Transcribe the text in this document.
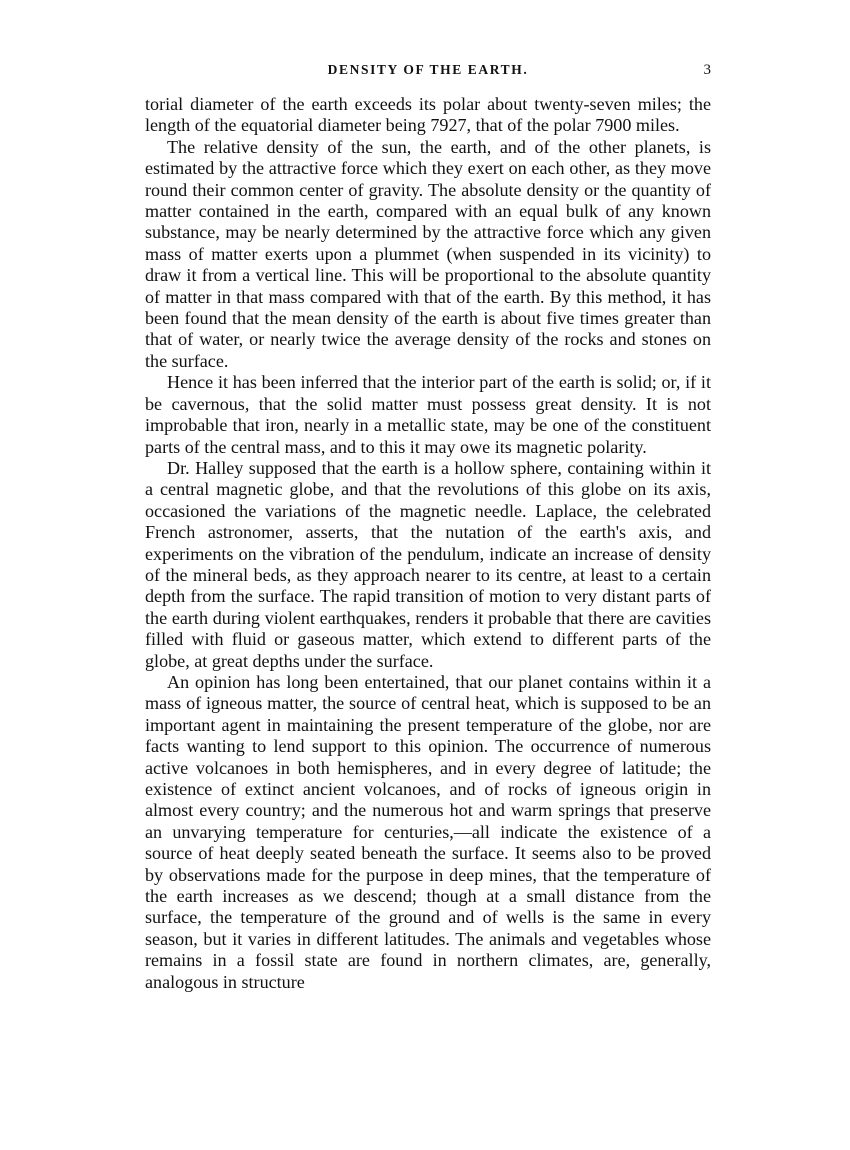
DENSITY OF THE EARTH.	3

torial diameter of the earth exceeds its polar about twenty-seven miles; the length of the equatorial diameter being 7927, that of the polar 7900 miles.

The relative density of the sun, the earth, and of the other planets, is estimated by the attractive force which they exert on each other, as they move round their common center of gravity. The absolute density or the quantity of matter contained in the earth, compared with an equal bulk of any known substance, may be nearly determined by the attractive force which any given mass of matter exerts upon a plummet (when suspended in its vicinity) to draw it from a vertical line. This will be proportional to the absolute quantity of matter in that mass compared with that of the earth. By this method, it has been found that the mean density of the earth is about five times greater than that of water, or nearly twice the average density of the rocks and stones on the surface.

Hence it has been inferred that the interior part of the earth is solid; or, if it be cavernous, that the solid matter must possess great density. It is not improbable that iron, nearly in a metallic state, may be one of the constituent parts of the central mass, and to this it may owe its magnetic polarity.

Dr. Halley supposed that the earth is a hollow sphere, containing within it a central magnetic globe, and that the revolutions of this globe on its axis, occasioned the variations of the magnetic needle. Laplace, the celebrated French astronomer, asserts, that the nutation of the earth's axis, and experiments on the vibration of the pendulum, indicate an increase of density of the mineral beds, as they approach nearer to its centre, at least to a certain depth from the surface. The rapid transition of motion to very distant parts of the earth during violent earthquakes, renders it probable that there are cavities filled with fluid or gaseous matter, which extend to different parts of the globe, at great depths under the surface.

An opinion has long been entertained, that our planet contains within it a mass of igneous matter, the source of central heat, which is supposed to be an important agent in maintaining the present temperature of the globe, nor are facts wanting to lend support to this opinion. The occurrence of numerous active volcanoes in both hemispheres, and in every degree of latitude; the existence of extinct ancient volcanoes, and of rocks of igneous origin in almost every country; and the numerous hot and warm springs that preserve an unvarying temperature for centuries,—all indicate the existence of a source of heat deeply seated beneath the surface. It seems also to be proved by observations made for the purpose in deep mines, that the temperature of the earth increases as we descend; though at a small distance from the surface, the temperature of the ground and of wells is the same in every season, but it varies in different latitudes. The animals and vegetables whose remains in a fossil state are found in northern climates, are, generally, analogous in structure
